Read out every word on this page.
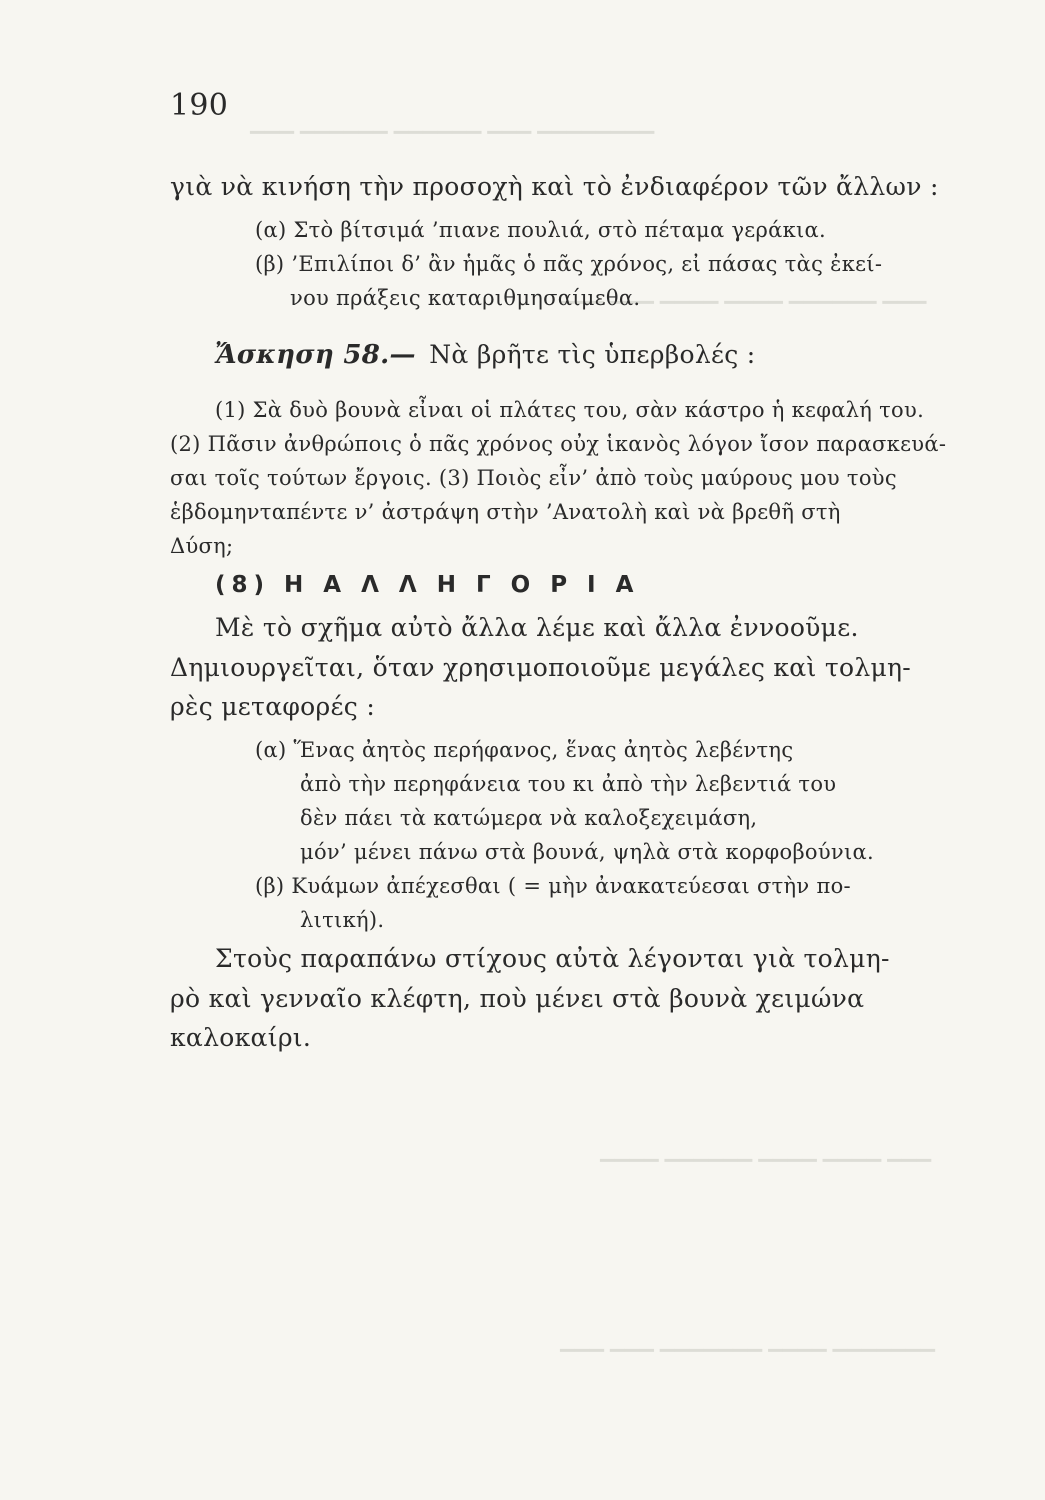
▁▁▁ ▁▁▁▁▁▁ ▁▁▁▁▁▁ ▁▁▁ ▁▁▁▁▁▁▁▁
▁▁▁ ▁▁▁ ▁▁▁▁ ▁▁▁▁ ▁▁▁▁▁▁ ▁▁▁
▁▁▁▁ ▁▁▁▁▁▁ ▁▁▁▁ ▁▁▁▁ ▁▁▁
▁▁▁ ▁▁▁ ▁▁▁▁▁▁▁ ▁▁▁▁ ▁▁▁▁▁▁▁
190
γιὰ νὰ κινήση τὴν προσοχὴ καὶ τὸ ἐνδιαφέρον τῶν ἄλλων :
(α) Στὸ βίτσιμά ’πιανε πουλιά, στὸ πέταμα γεράκια.
(β) ’Επιλίποι δ’ ἂν ἡμᾶς ὁ πᾶς χρόνος, εἰ πάσας τὰς ἐκεί-
νου πράξεις καταριθμησαίμεθα.
Ἄσκηση 58.— Νὰ βρῆτε τὶς ὑπερβολές :
(1) Σὰ δυὸ βουνὰ εἶναι οἱ πλάτες του, σὰν κάστρο ἡ κεφαλή του.
(2) Πᾶσιν ἀνθρώποις ὁ πᾶς χρόνος οὐχ ἱκανὸς λόγον ἴσον παρασκευά-
σαι τοῖς τούτων ἔργοις. (3) Ποιὸς εἶν’ ἀπὸ τοὺς μαύρους μου τοὺς
ἑβδομηνταπέντε ν’ ἀστράψη στὴν ’Ανατολὴ καὶ νὰ βρεθῆ στὴ
Δύση;
(8) Η Α Λ Λ Η Γ Ο Ρ Ι Α
Μὲ τὸ σχῆμα αὐτὸ ἄλλα λέμε καὶ ἄλλα ἐννοοῦμε.
Δημιουργεῖται, ὅταν χρησιμοποιοῦμε μεγάλες καὶ τολμη-
ρὲς μεταφορές :
(α) Ἕνας ἀητὸς περήφανος, ἕνας ἀητὸς λεβέντης
ἀπὸ τὴν περηφάνεια του κι ἀπὸ τὴν λεβεντιά του
δὲν πάει τὰ κατώμερα νὰ καλοξεχειμάση,
μόν’ μένει πάνω στὰ βουνά, ψηλὰ στὰ κορφοβούνια.
(β) Κυάμων ἀπέχεσθαι ( = μὴν ἀνακατεύεσαι στὴν πο-
λιτική).
Στοὺς παραπάνω στίχους αὐτὰ λέγονται γιὰ τολμη-
ρὸ καὶ γενναῖο κλέφτη, ποὺ μένει στὰ βουνὰ χειμώνα
καλοκαίρι.
